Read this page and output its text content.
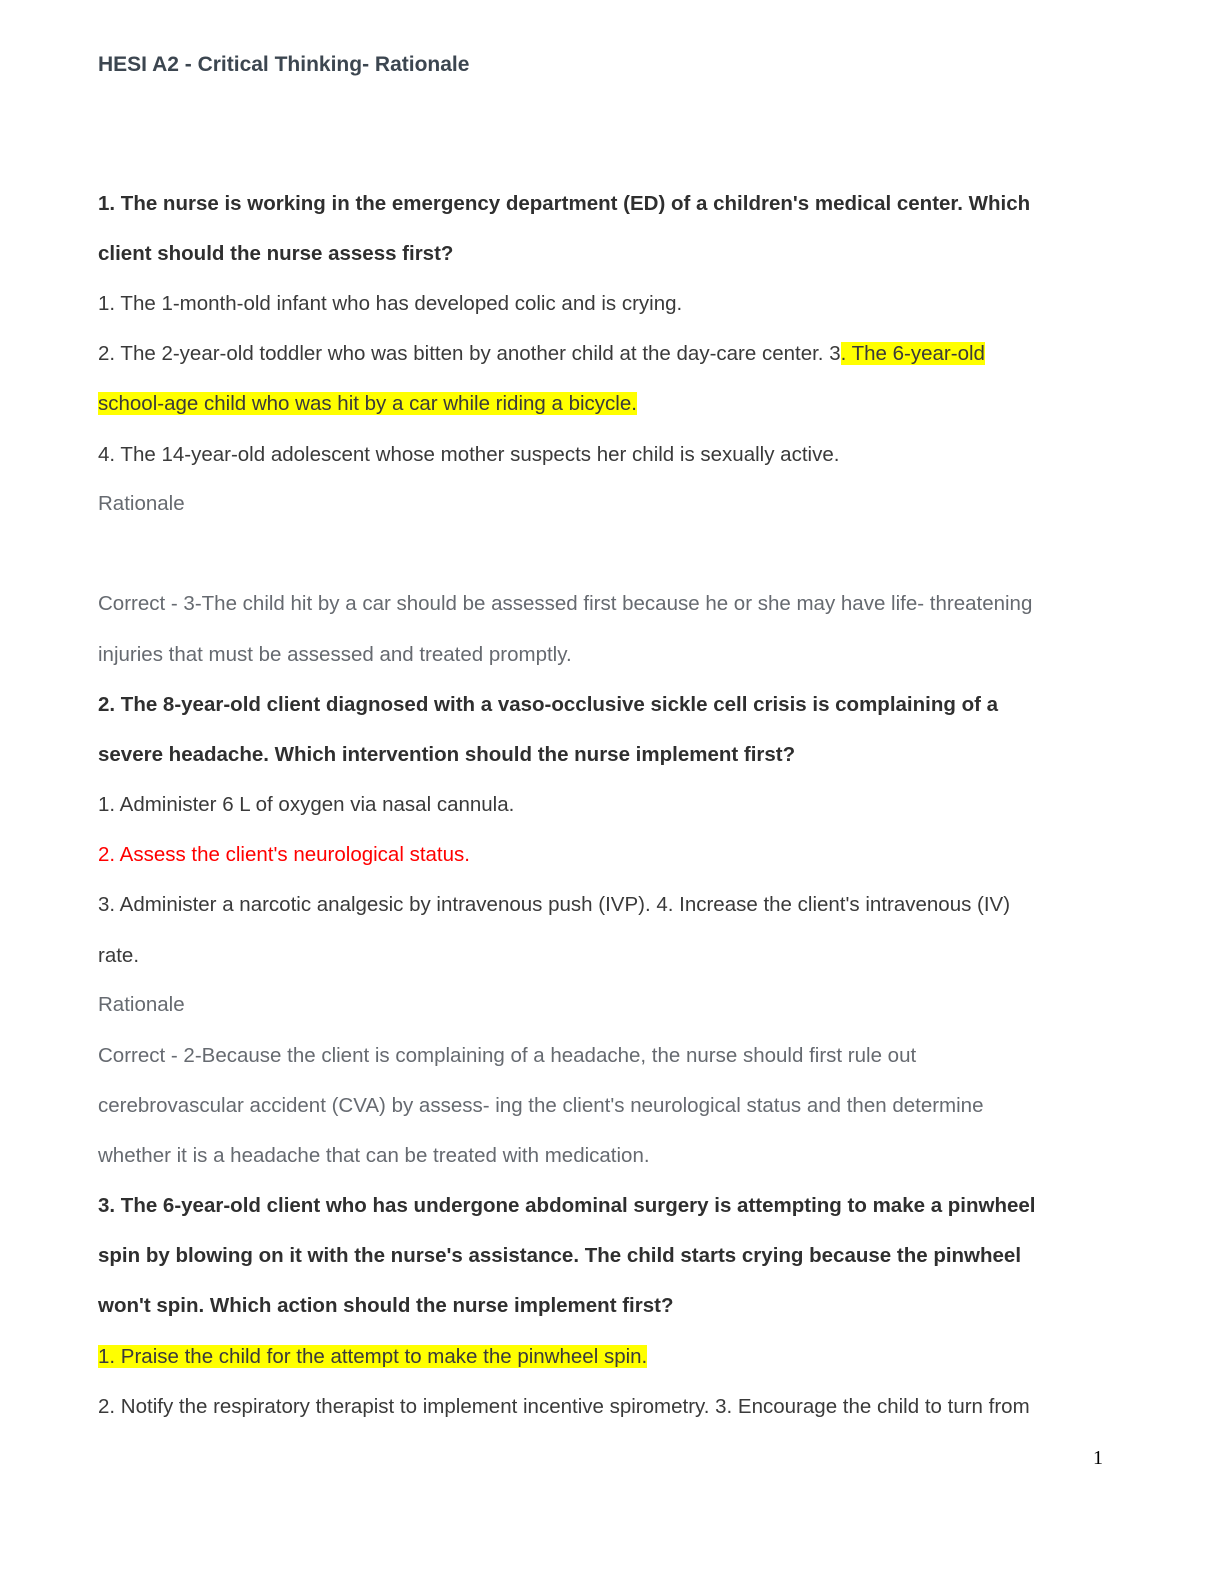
HESI A2 - Critical Thinking- Rationale
1. The nurse is working in the emergency department (ED) of a children's medical center. Which
client should the nurse assess first?
1. The 1-month-old infant who has developed colic and is crying.
2. The 2-year-old toddler who was bitten by another child at the day-care center. 3. The 6-year-old
school-age child who was hit by a car while riding a bicycle.
4. The 14-year-old adolescent whose mother suspects her child is sexually active.
Rationale
Correct - 3-The child hit by a car should be assessed first because he or she may have life- threatening
injuries that must be assessed and treated promptly.
2. The 8-year-old client diagnosed with a vaso-occlusive sickle cell crisis is complaining of a
severe headache. Which intervention should the nurse implement first?
1. Administer 6 L of oxygen via nasal cannula.
2. Assess the client's neurological status.
3. Administer a narcotic analgesic by intravenous push (IVP). 4. Increase the client's intravenous (IV)
rate.
Rationale
Correct - 2-Because the client is complaining of a headache, the nurse should first rule out
cerebrovascular accident (CVA) by assess- ing the client's neurological status and then determine
whether it is a headache that can be treated with medication.
3. The 6-year-old client who has undergone abdominal surgery is attempting to make a pinwheel
spin by blowing on it with the nurse's assistance. The child starts crying because the pinwheel
won't spin. Which action should the nurse implement first?
1. Praise the child for the attempt to make the pinwheel spin.
2. Notify the respiratory therapist to implement incentive spirometry. 3. Encourage the child to turn from
1
